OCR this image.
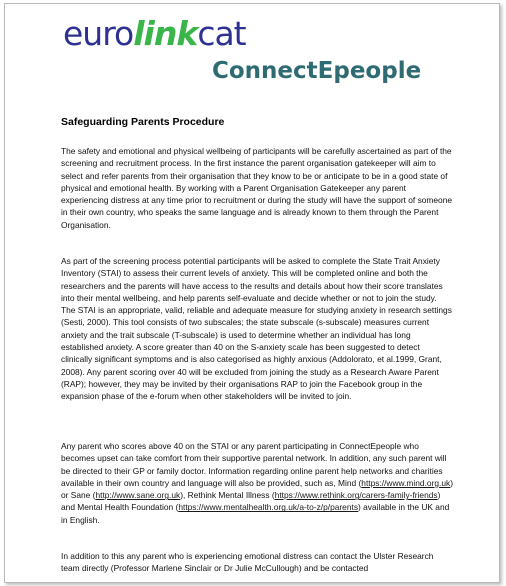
eurolinkcat
ConnectEpeople
Safeguarding Parents Procedure
The safety and emotional and physical wellbeing of participants will be carefully ascertained as part of the screening and recruitment process. In the first instance the parent organisation gatekeeper will aim to select and refer parents from their organisation that they know to be or anticipate to be in a good state of physical and emotional health. By working with a Parent Organisation Gatekeeper any parent experiencing distress at any time prior to recruitment or during the study will have the support of someone in their own country, who speaks the same language and is already known to them through the Parent Organisation.
As part of the screening process potential participants will be asked to complete the State Trait Anxiety Inventory (STAI) to assess their current levels of anxiety. This will be completed online and both the researchers and the parents will have access to the results and details about how their score translates into their mental wellbeing, and help parents self-evaluate and decide whether or not to join the study. The STAI is an appropriate, valid, reliable and adequate measure for studying anxiety in research settings (Sesti, 2000). This tool consists of two subscales; the state subscale (s-subscale) measures current anxiety and the trait subscale (T-subscale) is used to determine whether an individual has long established anxiety. A score greater than 40 on the S-anxiety scale has been suggested to detect clinically significant symptoms and is also categorised as highly anxious (Addolorato, et al.1999, Grant, 2008). Any parent scoring over 40 will be excluded from joining the study as a Research Aware Parent (RAP); however, they may be invited by their organisations RAP to join the Facebook group in the expansion phase of the e-forum when other stakeholders will be invited to join.
Any parent who scores above 40 on the STAI or any parent participating in ConnectEpeople who becomes upset can take comfort from their supportive parental network. In addition, any such parent will be directed to their GP or family doctor. Information regarding online parent help networks and charities available in their own country and language will also be provided, such as, Mind (https://www.mind.org.uk) or Sane (http://www.sane.org.uk), Rethink Mental Illness (https://www.rethink.org/carers-family-friends) and Mental Health Foundation (https://www.mentalhealth.org.uk/a-to-z/p/parents) available in the UK and in English.
In addition to this any parent who is experiencing emotional distress can contact the Ulster Research team directly (Professor Marlene Sinclair or Dr Julie McCullough) and be contacted
